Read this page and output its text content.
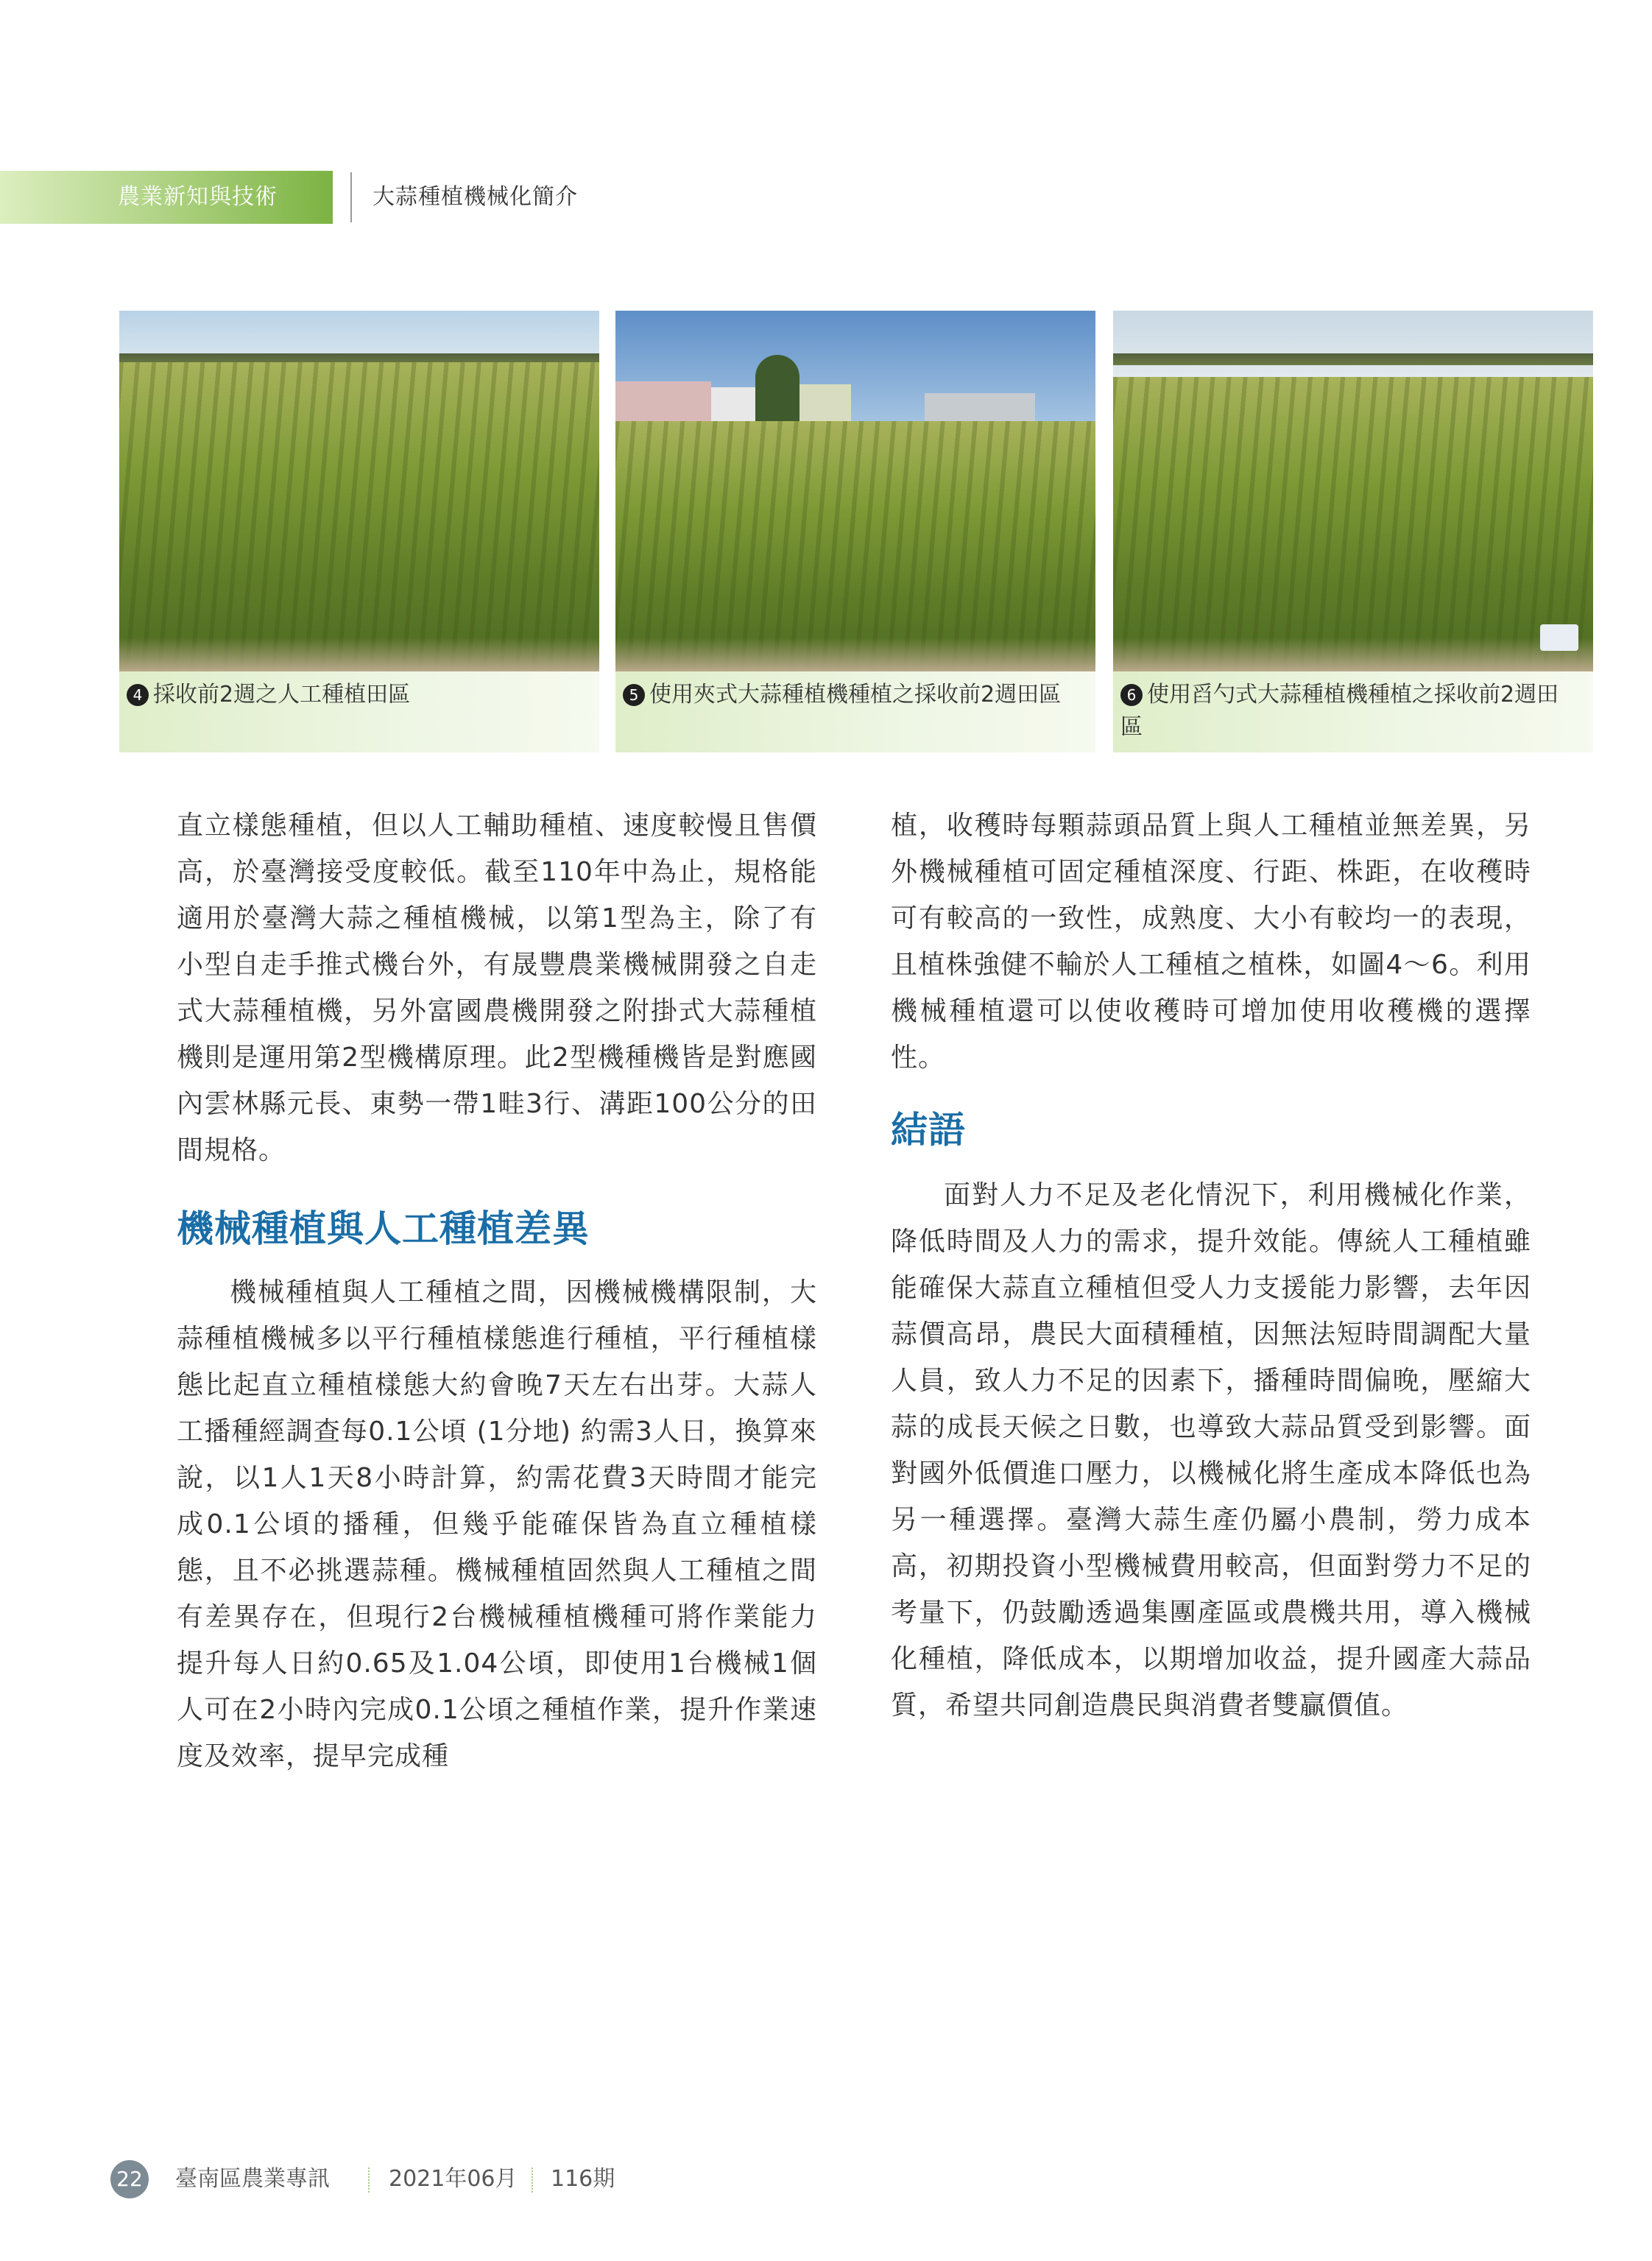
農業新知與技術	大蒜種植機械化簡介
4 採收前2週之人工種植田區	5 使用夾式大蒜種植機種植之採收前2週田區	6 使用舀勺式大蒜種植機種植之採收前2週田區

直立樣態種植，但以人工輔助種植、速度較慢且售價高，於臺灣接受度較低。截至110年中為止，規格能適用於臺灣大蒜之種植機械，以第1型為主，除了有小型自走手推式機台外，有晟豐農業機械開發之自走式大蒜種植機，另外富國農機開發之附掛式大蒜種植機則是運用第2型機構原理。此2型機種機皆是對應國內雲林縣元長、東勢一帶1畦3行、溝距100公分的田間規格。

機械種植與人工種植差異

機械種植與人工種植之間，因機械機構限制，大蒜種植機械多以平行種植樣態進行種植，平行種植樣態比起直立種植樣態大約會晚7天左右出芽。大蒜人工播種經調查每0.1公頃 (1分地) 約需3人日，換算來說，以1人1天8小時計算，約需花費3天時間才能完成0.1公頃的播種，但幾乎能確保皆為直立種植樣態，且不必挑選蒜種。機械種植固然與人工種植之間有差異存在，但現行2台機械種植機種可將作業能力提升每人日約0.65及1.04公頃，即使用1台機械1個人可在2小時內完成0.1公頃之種植作業，提升作業速度及效率，提早完成種

植，收穫時每顆蒜頭品質上與人工種植並無差異，另外機械種植可固定種植深度、行距、株距，在收穫時可有較高的一致性，成熟度、大小有較均一的表現，且植株強健不輸於人工種植之植株，如圖4～6。利用機械種植還可以使收穫時可增加使用收穫機的選擇性。

結語

面對人力不足及老化情況下，利用機械化作業，降低時間及人力的需求，提升效能。傳統人工種植雖能確保大蒜直立種植但受人力支援能力影響，去年因蒜價高昂，農民大面積種植，因無法短時間調配大量人員，致人力不足的因素下，播種時間偏晚，壓縮大蒜的成長天候之日數，也導致大蒜品質受到影響。面對國外低價進口壓力，以機械化將生產成本降低也為另一種選擇。臺灣大蒜生產仍屬小農制，勞力成本高，初期投資小型機械費用較高，但面對勞力不足的考量下，仍鼓勵透過集團產區或農機共用，導入機械化種植，降低成本，以期增加收益，提升國產大蒜品質，希望共同創造農民與消費者雙贏價值。

22 臺南區農業專訊	2021年06月 116期
